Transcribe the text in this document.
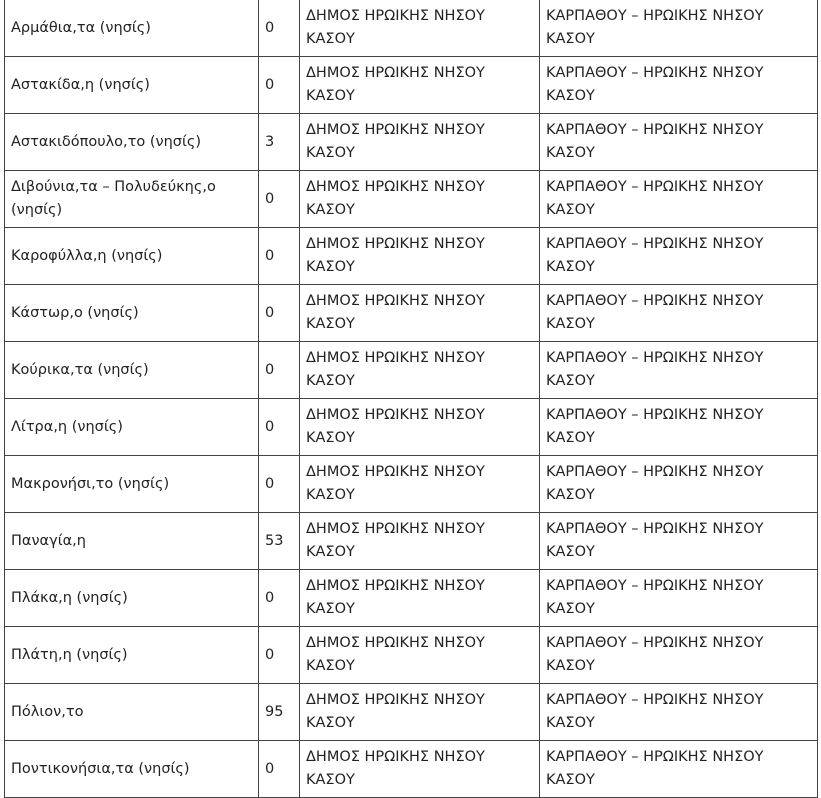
Αρμάθια,τα (νησίς)	0	ΔΗΜΟΣ ΗΡΩΙΚΗΣ ΝΗΣΟΥ ΚΑΣΟΥ	ΚΑΡΠΑΘΟΥ – ΗΡΩΙΚΗΣ ΝΗΣΟΥ ΚΑΣΟΥ
Αστακίδα,η (νησίς)	0	ΔΗΜΟΣ ΗΡΩΙΚΗΣ ΝΗΣΟΥ ΚΑΣΟΥ	ΚΑΡΠΑΘΟΥ – ΗΡΩΙΚΗΣ ΝΗΣΟΥ ΚΑΣΟΥ
Αστακιδόπουλο,το (νησίς)	3	ΔΗΜΟΣ ΗΡΩΙΚΗΣ ΝΗΣΟΥ ΚΑΣΟΥ	ΚΑΡΠΑΘΟΥ – ΗΡΩΙΚΗΣ ΝΗΣΟΥ ΚΑΣΟΥ
Διβούνια,τα – Πολυδεύκης,ο (νησίς)	0	ΔΗΜΟΣ ΗΡΩΙΚΗΣ ΝΗΣΟΥ ΚΑΣΟΥ	ΚΑΡΠΑΘΟΥ – ΗΡΩΙΚΗΣ ΝΗΣΟΥ ΚΑΣΟΥ
Καροφύλλα,η (νησίς)	0	ΔΗΜΟΣ ΗΡΩΙΚΗΣ ΝΗΣΟΥ ΚΑΣΟΥ	ΚΑΡΠΑΘΟΥ – ΗΡΩΙΚΗΣ ΝΗΣΟΥ ΚΑΣΟΥ
Κάστωρ,ο (νησίς)	0	ΔΗΜΟΣ ΗΡΩΙΚΗΣ ΝΗΣΟΥ ΚΑΣΟΥ	ΚΑΡΠΑΘΟΥ – ΗΡΩΙΚΗΣ ΝΗΣΟΥ ΚΑΣΟΥ
Κούρικα,τα (νησίς)	0	ΔΗΜΟΣ ΗΡΩΙΚΗΣ ΝΗΣΟΥ ΚΑΣΟΥ	ΚΑΡΠΑΘΟΥ – ΗΡΩΙΚΗΣ ΝΗΣΟΥ ΚΑΣΟΥ
Λίτρα,η (νησίς)	0	ΔΗΜΟΣ ΗΡΩΙΚΗΣ ΝΗΣΟΥ ΚΑΣΟΥ	ΚΑΡΠΑΘΟΥ – ΗΡΩΙΚΗΣ ΝΗΣΟΥ ΚΑΣΟΥ
Μακρονήσι,το (νησίς)	0	ΔΗΜΟΣ ΗΡΩΙΚΗΣ ΝΗΣΟΥ ΚΑΣΟΥ	ΚΑΡΠΑΘΟΥ – ΗΡΩΙΚΗΣ ΝΗΣΟΥ ΚΑΣΟΥ
Παναγία,η	53	ΔΗΜΟΣ ΗΡΩΙΚΗΣ ΝΗΣΟΥ ΚΑΣΟΥ	ΚΑΡΠΑΘΟΥ – ΗΡΩΙΚΗΣ ΝΗΣΟΥ ΚΑΣΟΥ
Πλάκα,η (νησίς)	0	ΔΗΜΟΣ ΗΡΩΙΚΗΣ ΝΗΣΟΥ ΚΑΣΟΥ	ΚΑΡΠΑΘΟΥ – ΗΡΩΙΚΗΣ ΝΗΣΟΥ ΚΑΣΟΥ
Πλάτη,η (νησίς)	0	ΔΗΜΟΣ ΗΡΩΙΚΗΣ ΝΗΣΟΥ ΚΑΣΟΥ	ΚΑΡΠΑΘΟΥ – ΗΡΩΙΚΗΣ ΝΗΣΟΥ ΚΑΣΟΥ
Πόλιον,το	95	ΔΗΜΟΣ ΗΡΩΙΚΗΣ ΝΗΣΟΥ ΚΑΣΟΥ	ΚΑΡΠΑΘΟΥ – ΗΡΩΙΚΗΣ ΝΗΣΟΥ ΚΑΣΟΥ
Ποντικονήσια,τα (νησίς)	0	ΔΗΜΟΣ ΗΡΩΙΚΗΣ ΝΗΣΟΥ ΚΑΣΟΥ	ΚΑΡΠΑΘΟΥ – ΗΡΩΙΚΗΣ ΝΗΣΟΥ ΚΑΣΟΥ
